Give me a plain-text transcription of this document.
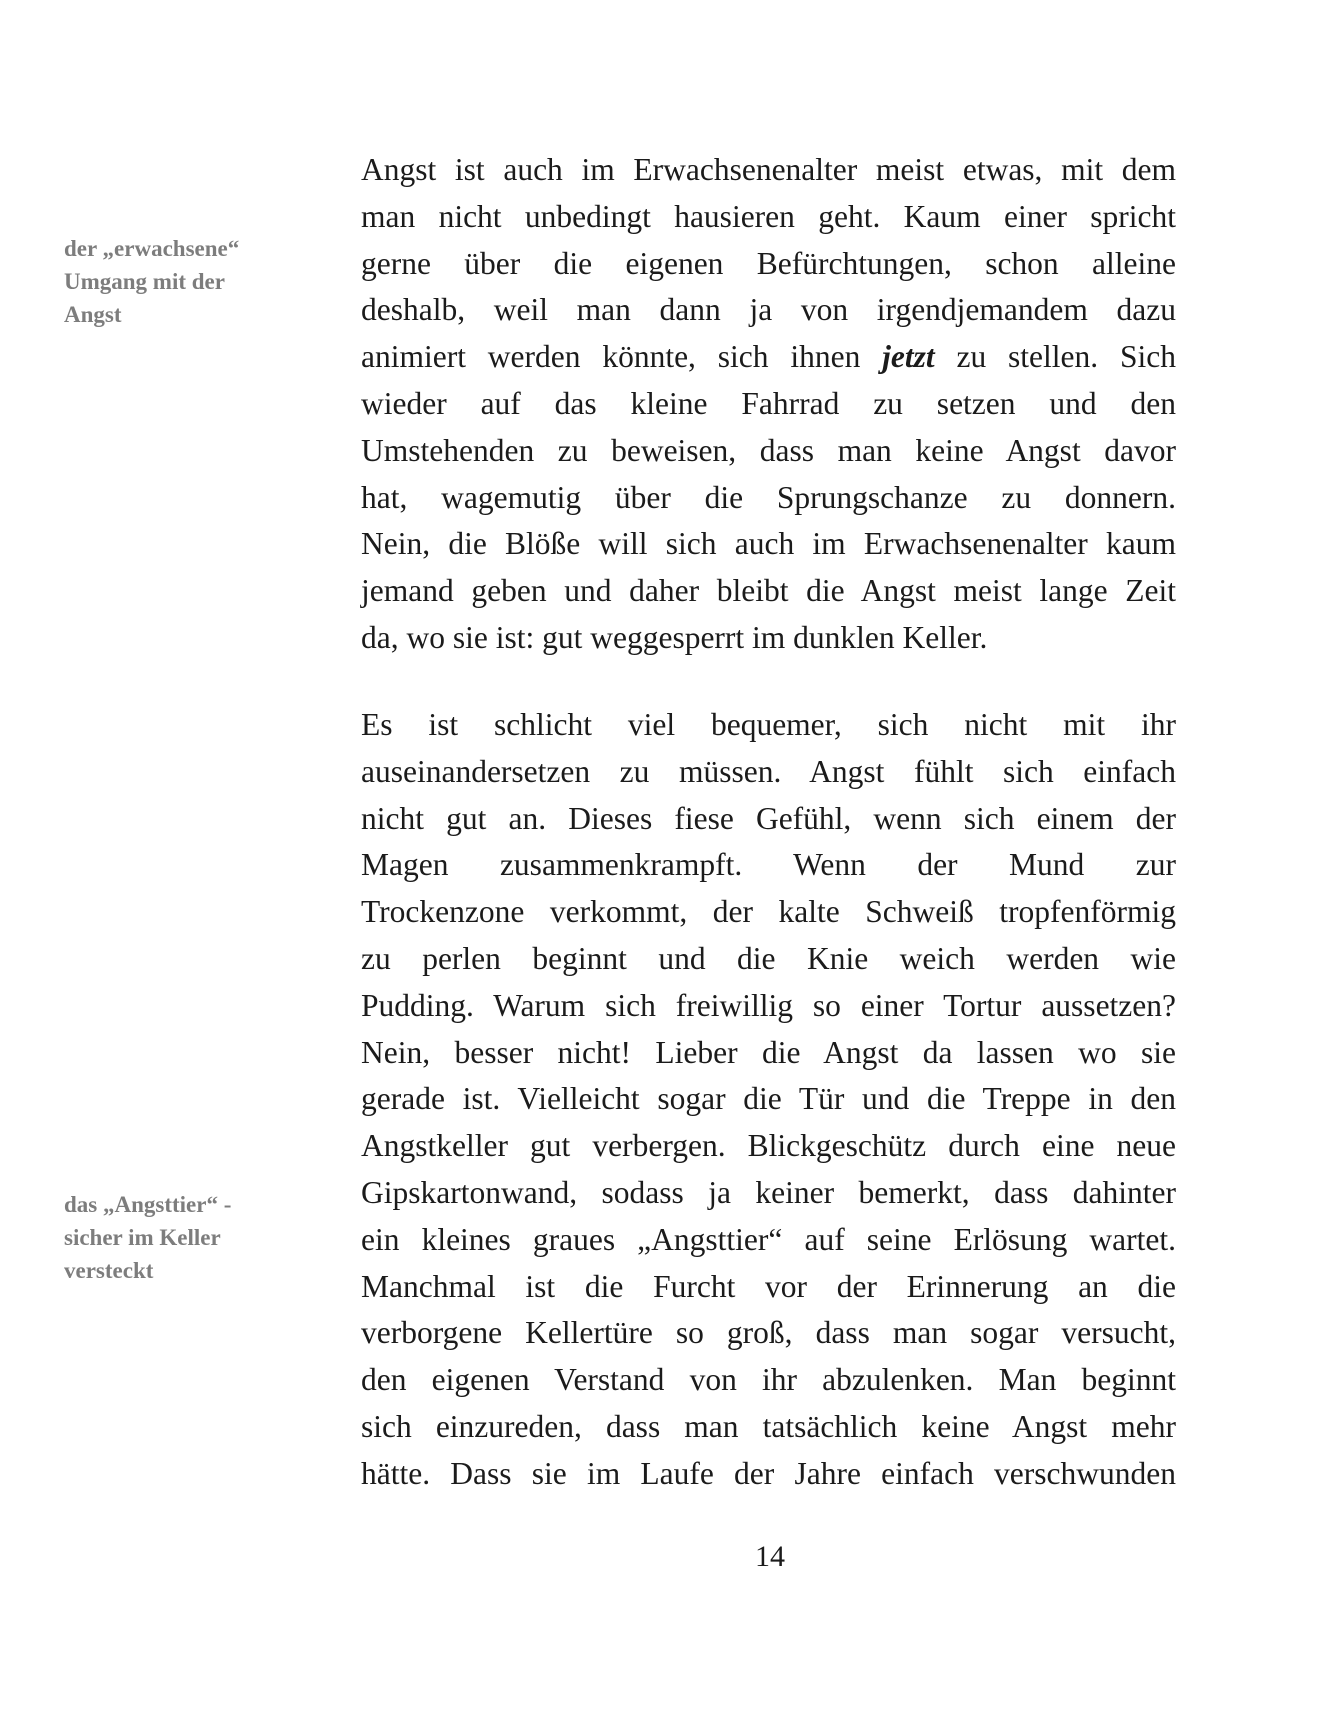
der „erwachsene“
Umgang mit der
Angst
das „Angsttier“ -
sicher im Keller
versteckt
Angst ist auch im Erwachsenenalter meist etwas, mit dem
man nicht unbedingt hausieren geht. Kaum einer spricht
gerne über die eigenen Befürchtungen, schon alleine
deshalb, weil man dann ja von irgendjemandem dazu
animiert werden könnte, sich ihnen jetzt zu stellen. Sich
wieder auf das kleine Fahrrad zu setzen und den
Umstehenden zu beweisen, dass man keine Angst davor
hat, wagemutig über die Sprungschanze zu donnern.
Nein, die Blöße will sich auch im Erwachsenenalter kaum
jemand geben und daher bleibt die Angst meist lange Zeit
da, wo sie ist: gut weggesperrt im dunklen Keller.
Es ist schlicht viel bequemer, sich nicht mit ihr
auseinandersetzen zu müssen. Angst fühlt sich einfach
nicht gut an. Dieses fiese Gefühl, wenn sich einem der
Magen zusammenkrampft. Wenn der Mund zur
Trockenzone verkommt, der kalte Schweiß tropfenförmig
zu perlen beginnt und die Knie weich werden wie
Pudding. Warum sich freiwillig so einer Tortur aussetzen?
Nein, besser nicht! Lieber die Angst da lassen wo sie
gerade ist. Vielleicht sogar die Tür und die Treppe in den
Angstkeller gut verbergen. Blickgeschütz durch eine neue
Gipskartonwand, sodass ja keiner bemerkt, dass dahinter
ein kleines graues „Angsttier“ auf seine Erlösung wartet.
Manchmal ist die Furcht vor der Erinnerung an die
verborgene Kellertüre so groß, dass man sogar versucht,
den eigenen Verstand von ihr abzulenken. Man beginnt
sich einzureden, dass man tatsächlich keine Angst mehr
hätte. Dass sie im Laufe der Jahre einfach verschwunden
14
